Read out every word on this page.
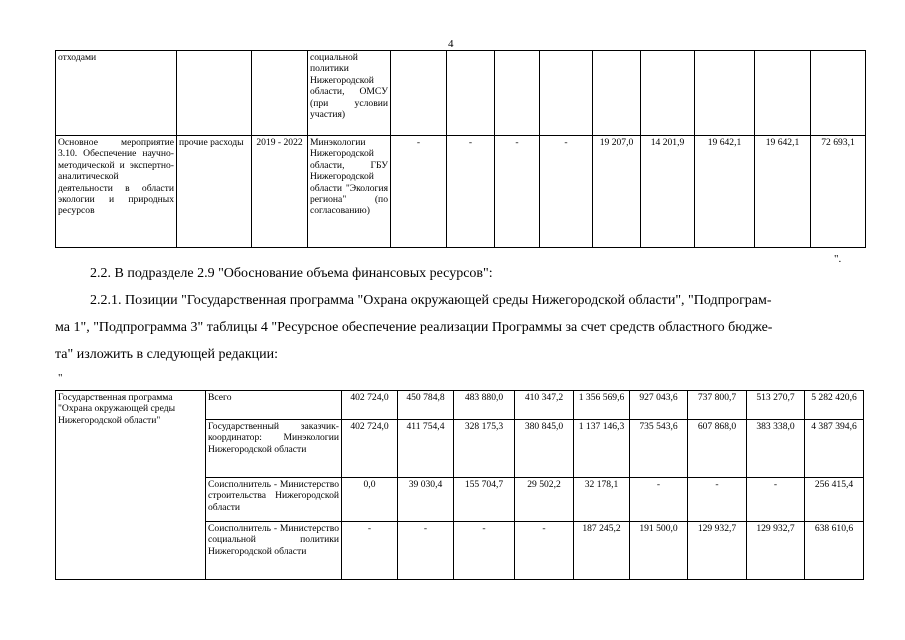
4
отходами			социальной политики Нижегородской области, ОМСУ (при условии участия)									
Основное мероприятие 3.10. Обеспечение научно-методической и экспертно-аналитической деятельности в области экологии и природных ресурсов	прочие расходы	2019 - 2022	Минэкологии Нижегородской области, ГБУ Нижегородской области "Экология региона" (по согласованию)	-	-	-	-	19 207,0	14 201,9	19 642,1	19 642,1	72 693,1
".
2.2. В подразделе 2.9 "Обоснование объема финансовых ресурсов":
2.2.1. Позиции "Государственная программа "Охрана окружающей среды Нижегородской области", "Подпрограм-
ма 1", "Подпрограмма 3" таблицы 4 "Ресурсное обеспечение реализации Программы за счет средств областного бюдже-
та" изложить в следующей редакции:
"
Государственная программа "Охрана окружающей среды Нижегородской области"	Всего	402 724,0	450 784,8	483 880,0	410 347,2	1 356 569,6	927 043,6	737 800,7	513 270,7	5 282 420,6
	Государственный заказчик-координатор: Минэкологии Нижегородской области	402 724,0	411 754,4	328 175,3	380 845,0	1 137 146,3	735 543,6	607 868,0	383 338,0	4 387 394,6
	Соисполнитель - Министерство строительства Нижегородской области	0,0	39 030,4	155 704,7	29 502,2	32 178,1	-	-	-	256 415,4
	Соисполнитель - Министерство социальной политики Нижегородской области	-	-	-	-	187 245,2	191 500,0	129 932,7	129 932,7	638 610,6
